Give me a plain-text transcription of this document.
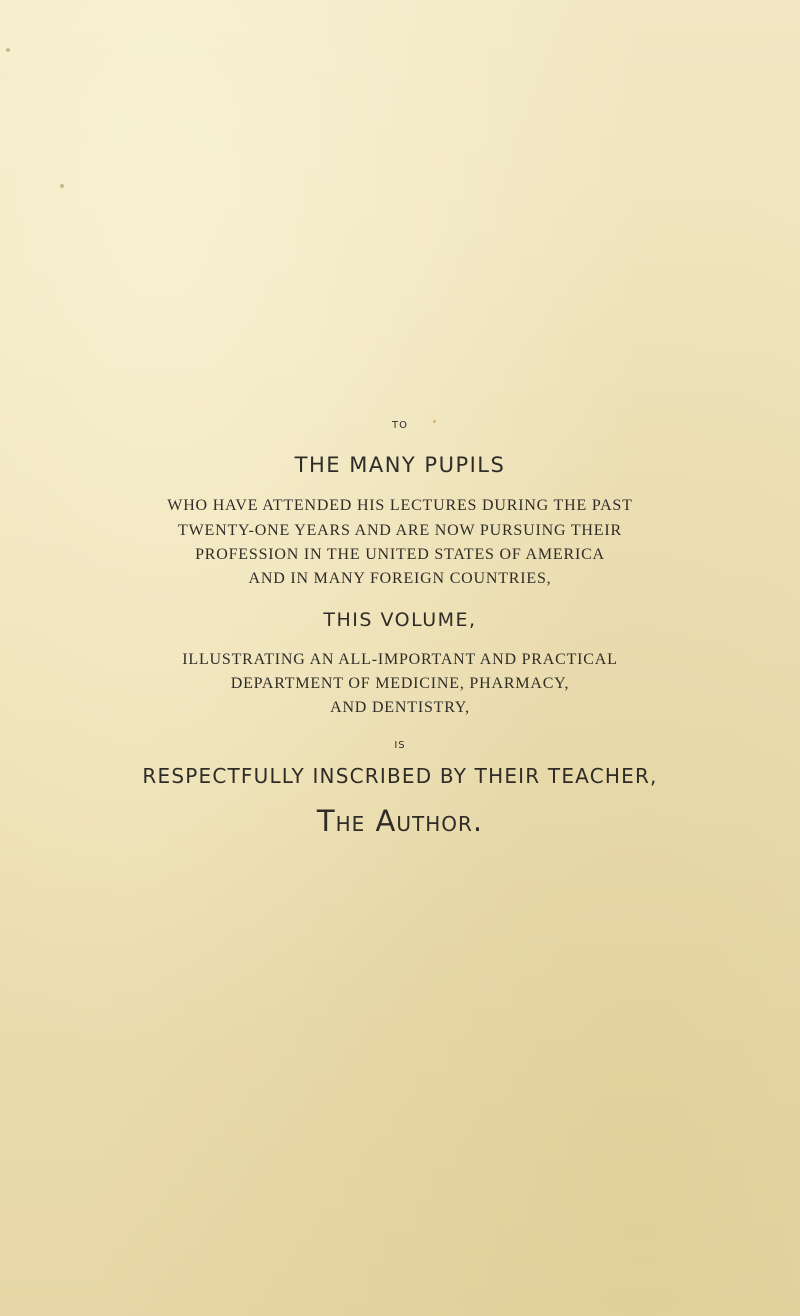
TO
THE MANY PUPILS
WHO HAVE ATTENDED HIS LECTURES DURING THE PAST
TWENTY-ONE YEARS AND ARE NOW PURSUING THEIR
PROFESSION IN THE UNITED STATES OF AMERICA
AND IN MANY FOREIGN COUNTRIES,
THIS VOLUME,
ILLUSTRATING AN ALL-IMPORTANT AND PRACTICAL
DEPARTMENT OF MEDICINE, PHARMACY,
AND DENTISTRY,
IS
RESPECTFULLY INSCRIBED BY THEIR TEACHER,
The Author.
